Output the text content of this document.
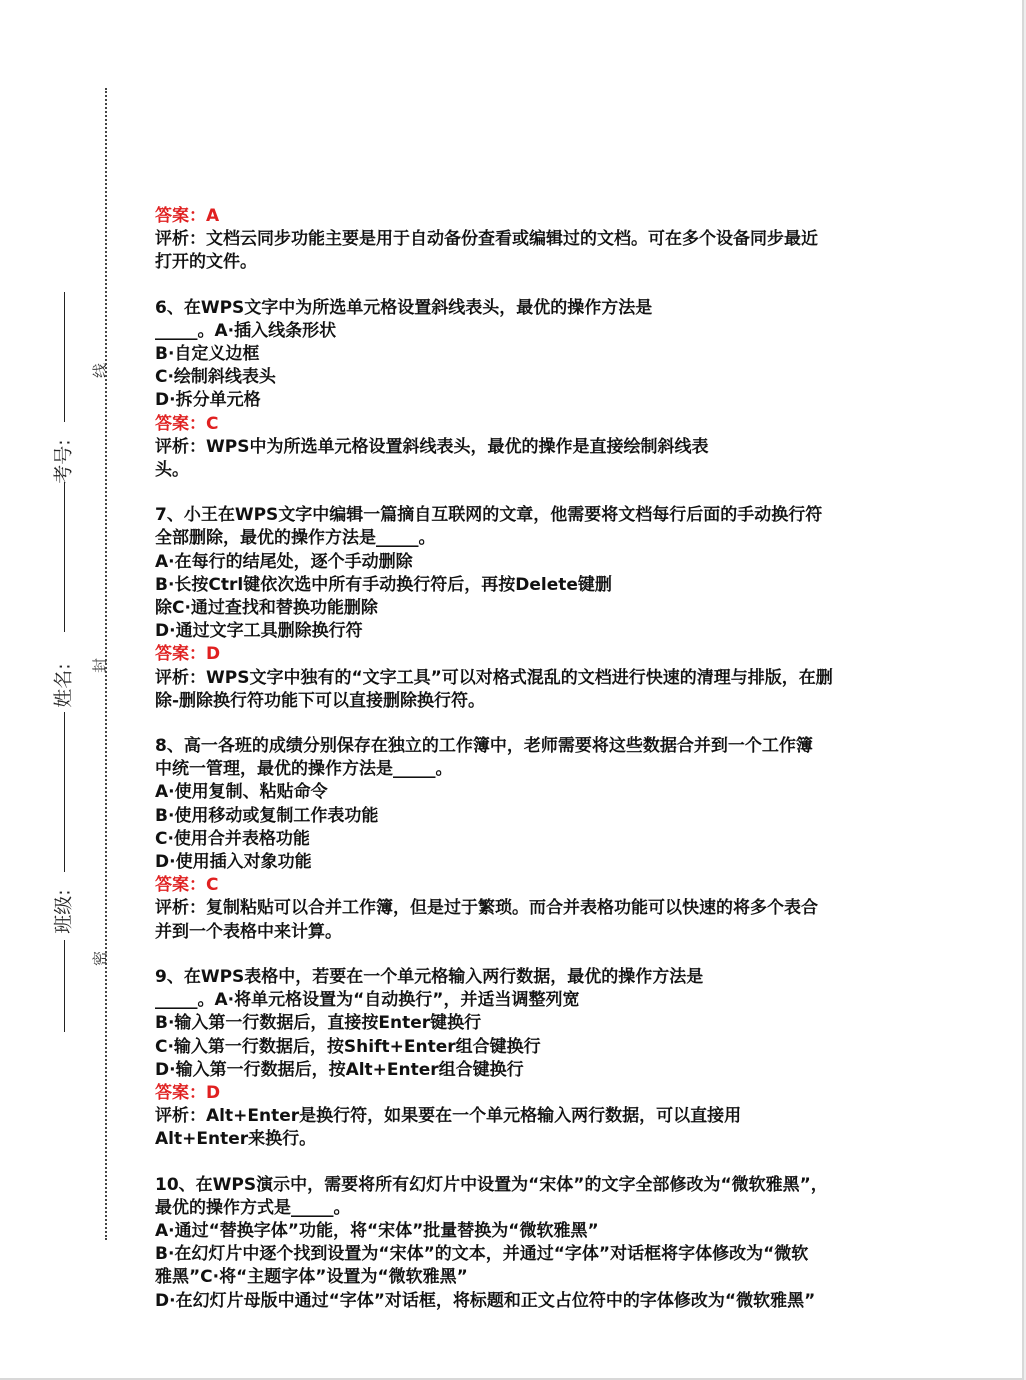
线
封
密
考号:
姓名:
班级:
答案：A
评析：文档云同步功能主要是用于自动备份查看或编辑过的文档。可在多个设备同步最近
打开的文件。
6、在WPS文字中为所选单元格设置斜线表头，最优的操作方法是
_____。A·插入线条形状
B·自定义边框
C·绘制斜线表头
D·拆分单元格
答案：C
评析：WPS中为所选单元格设置斜线表头，最优的操作是直接绘制斜线表
头。
7、小王在WPS文字中编辑一篇摘自互联网的文章，他需要将文档每行后面的手动换行符
全部删除，最优的操作方法是_____。
A·在每行的结尾处，逐个手动删除
B·长按Ctrl键依次选中所有手动换行符后，再按Delete键删
除C·通过查找和替换功能删除
D·通过文字工具删除换行符
答案：D
评析：WPS文字中独有的“文字工具”可以对格式混乱的文档进行快速的清理与排版，在删
除-删除换行符功能下可以直接删除换行符。
8、高一各班的成绩分别保存在独立的工作簿中，老师需要将这些数据合并到一个工作簿
中统一管理，最优的操作方法是_____。
A·使用复制、粘贴命令
B·使用移动或复制工作表功能
C·使用合并表格功能
D·使用插入对象功能
答案：C
评析：复制粘贴可以合并工作簿，但是过于繁琐。而合并表格功能可以快速的将多个表合
并到一个表格中来计算。
9、在WPS表格中，若要在一个单元格输入两行数据，最优的操作方法是
_____。A·将单元格设置为“自动换行”，并适当调整列宽
B·输入第一行数据后，直接按Enter键换行
C·输入第一行数据后，按Shift+Enter组合键换行
D·输入第一行数据后，按Alt+Enter组合键换行
答案：D
评析：Alt+Enter是换行符，如果要在一个单元格输入两行数据，可以直接用
Alt+Enter来换行。
10、在WPS演示中，需要将所有幻灯片中设置为“宋体”的文字全部修改为“微软雅黑”，
最优的操作方式是_____。
A·通过“替换字体”功能，将“宋体”批量替换为“微软雅黑”
B·在幻灯片中逐个找到设置为“宋体”的文本，并通过“字体”对话框将字体修改为“微软
雅黑”C·将“主题字体”设置为“微软雅黑”
D·在幻灯片母版中通过“字体”对话框，将标题和正文占位符中的字体修改为“微软雅黑”
